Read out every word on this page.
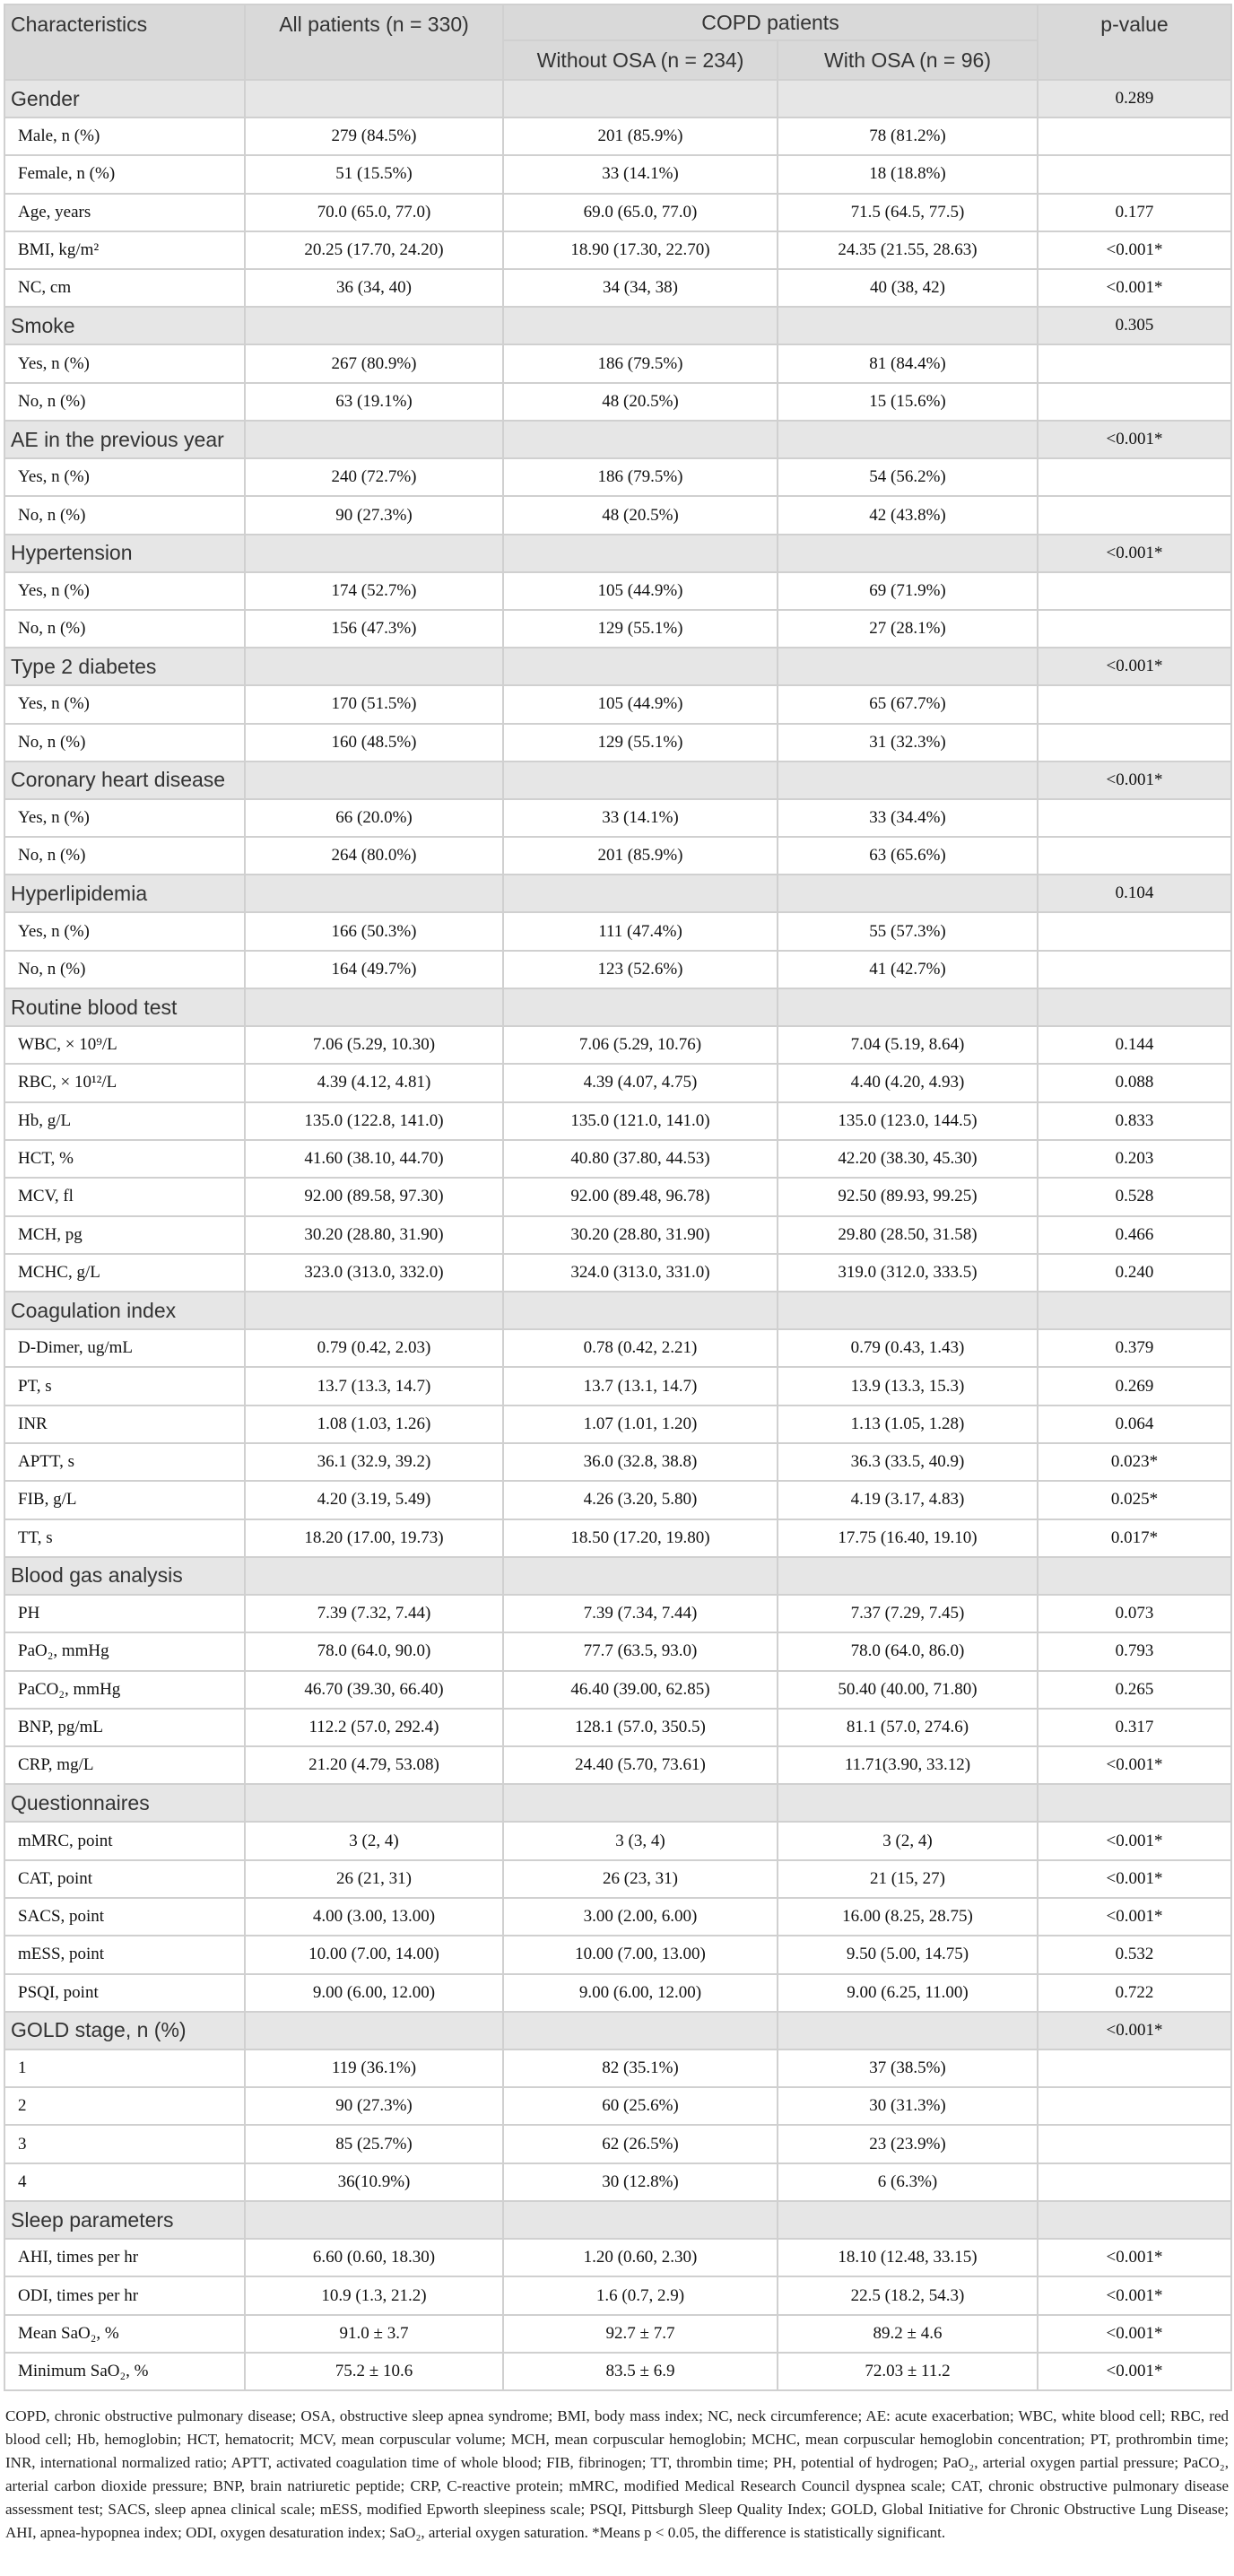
Characteristics	All patients (n = 330)	COPD patients		p-value
		Without OSA (n = 234)	With OSA (n = 96)	
Gender				0.289
Male, n (%)	279 (84.5%)	201 (85.9%)	78 (81.2%)	
Female, n (%)	51 (15.5%)	33 (14.1%)	18 (18.8%)	
Age, years	70.0 (65.0, 77.0)	69.0 (65.0, 77.0)	71.5 (64.5, 77.5)	0.177
BMI, kg/m²	20.25 (17.70, 24.20)	18.90 (17.30, 22.70)	24.35 (21.55, 28.63)	<0.001*
NC, cm	36 (34, 40)	34 (34, 38)	40 (38, 42)	<0.001*
Smoke				0.305
Yes, n (%)	267 (80.9%)	186 (79.5%)	81 (84.4%)	
No, n (%)	63 (19.1%)	48 (20.5%)	15 (15.6%)	
AE in the previous year				<0.001*
Yes, n (%)	240 (72.7%)	186 (79.5%)	54 (56.2%)	
No, n (%)	90 (27.3%)	48 (20.5%)	42 (43.8%)	
Hypertension				<0.001*
Yes, n (%)	174 (52.7%)	105 (44.9%)	69 (71.9%)	
No, n (%)	156 (47.3%)	129 (55.1%)	27 (28.1%)	
Type 2 diabetes				<0.001*
Yes, n (%)	170 (51.5%)	105 (44.9%)	65 (67.7%)	
No, n (%)	160 (48.5%)	129 (55.1%)	31 (32.3%)	
Coronary heart disease				<0.001*
Yes, n (%)	66 (20.0%)	33 (14.1%)	33 (34.4%)	
No, n (%)	264 (80.0%)	201 (85.9%)	63 (65.6%)	
Hyperlipidemia				0.104
Yes, n (%)	166 (50.3%)	111 (47.4%)	55 (57.3%)	
No, n (%)	164 (49.7%)	123 (52.6%)	41 (42.7%)	
Routine blood test				
WBC, × 10⁹/L	7.06 (5.29, 10.30)	7.06 (5.29, 10.76)	7.04 (5.19, 8.64)	0.144
RBC, × 10¹²/L	4.39 (4.12, 4.81)	4.39 (4.07, 4.75)	4.40 (4.20, 4.93)	0.088
Hb, g/L	135.0 (122.8, 141.0)	135.0 (121.0, 141.0)	135.0 (123.0, 144.5)	0.833
HCT, %	41.60 (38.10, 44.70)	40.80 (37.80, 44.53)	42.20 (38.30, 45.30)	0.203
MCV, fl	92.00 (89.58, 97.30)	92.00 (89.48, 96.78)	92.50 (89.93, 99.25)	0.528
MCH, pg	30.20 (28.80, 31.90)	30.20 (28.80, 31.90)	29.80 (28.50, 31.58)	0.466
MCHC, g/L	323.0 (313.0, 332.0)	324.0 (313.0, 331.0)	319.0 (312.0, 333.5)	0.240
Coagulation index				
D-Dimer, ug/mL	0.79 (0.42, 2.03)	0.78 (0.42, 2.21)	0.79 (0.43, 1.43)	0.379
PT, s	13.7 (13.3, 14.7)	13.7 (13.1, 14.7)	13.9 (13.3, 15.3)	0.269
INR	1.08 (1.03, 1.26)	1.07 (1.01, 1.20)	1.13 (1.05, 1.28)	0.064
APTT, s	36.1 (32.9, 39.2)	36.0 (32.8, 38.8)	36.3 (33.5, 40.9)	0.023*
FIB, g/L	4.20 (3.19, 5.49)	4.26 (3.20, 5.80)	4.19 (3.17, 4.83)	0.025*
TT, s	18.20 (17.00, 19.73)	18.50 (17.20, 19.80)	17.75 (16.40, 19.10)	0.017*
Blood gas analysis				
PH	7.39 (7.32, 7.44)	7.39 (7.34, 7.44)	7.37 (7.29, 7.45)	0.073
PaO₂, mmHg	78.0 (64.0, 90.0)	77.7 (63.5, 93.0)	78.0 (64.0, 86.0)	0.793
PaCO₂, mmHg	46.70 (39.30, 66.40)	46.40 (39.00, 62.85)	50.40 (40.00, 71.80)	0.265
BNP, pg/mL	112.2 (57.0, 292.4)	128.1 (57.0, 350.5)	81.1 (57.0, 274.6)	0.317
CRP, mg/L	21.20 (4.79, 53.08)	24.40 (5.70, 73.61)	11.71(3.90, 33.12)	<0.001*
Questionnaires				
mMRC, point	3 (2, 4)	3 (3, 4)	3 (2, 4)	<0.001*
CAT, point	26 (21, 31)	26 (23, 31)	21 (15, 27)	<0.001*
SACS, point	4.00 (3.00, 13.00)	3.00 (2.00, 6.00)	16.00 (8.25, 28.75)	<0.001*
mESS, point	10.00 (7.00, 14.00)	10.00 (7.00, 13.00)	9.50 (5.00, 14.75)	0.532
PSQI, point	9.00 (6.00, 12.00)	9.00 (6.00, 12.00)	9.00 (6.25, 11.00)	0.722
GOLD stage, n (%)				<0.001*
1	119 (36.1%)	82 (35.1%)	37 (38.5%)	
2	90 (27.3%)	60 (25.6%)	30 (31.3%)	
3	85 (25.7%)	62 (26.5%)	23 (23.9%)	
4	36(10.9%)	30 (12.8%)	6 (6.3%)	
Sleep parameters				
AHI, times per hr	6.60 (0.60, 18.30)	1.20 (0.60, 2.30)	18.10 (12.48, 33.15)	<0.001*
ODI, times per hr	10.9 (1.3, 21.2)	1.6 (0.7, 2.9)	22.5 (18.2, 54.3)	<0.001*
Mean SaO₂, %	91.0 ± 3.7	92.7 ± 7.7	89.2 ± 4.6	<0.001*
Minimum SaO₂, %	75.2 ± 10.6	83.5 ± 6.9	72.03 ± 11.2	<0.001*
COPD, chronic obstructive pulmonary disease; OSA, obstructive sleep apnea syndrome; BMI, body mass index; NC, neck circumference; AE: acute exacerbation; WBC, white blood cell; RBC, red blood cell; Hb, hemoglobin; HCT, hematocrit; MCV, mean corpuscular volume; MCH, mean corpuscular hemoglobin; MCHC, mean corpuscular hemoglobin concentration; PT, prothrombin time; INR, international normalized ratio; APTT, activated coagulation time of whole blood; FIB, fibrinogen; TT, thrombin time; PH, potential of hydrogen; PaO₂, arterial oxygen partial pressure; PaCO₂, arterial carbon dioxide pressure; BNP, brain natriuretic peptide; CRP, C-reactive protein; mMRC, modified Medical Research Council dyspnea scale; CAT, chronic obstructive pulmonary disease assessment test; SACS, sleep apnea clinical scale; mESS, modified Epworth sleepiness scale; PSQI, Pittsburgh Sleep Quality Index; GOLD, Global Initiative for Chronic Obstructive Lung Disease; AHI, apnea-hypopnea index; ODI, oxygen desaturation index; SaO₂, arterial oxygen saturation. *Means p < 0.05, the difference is statistically significant.
